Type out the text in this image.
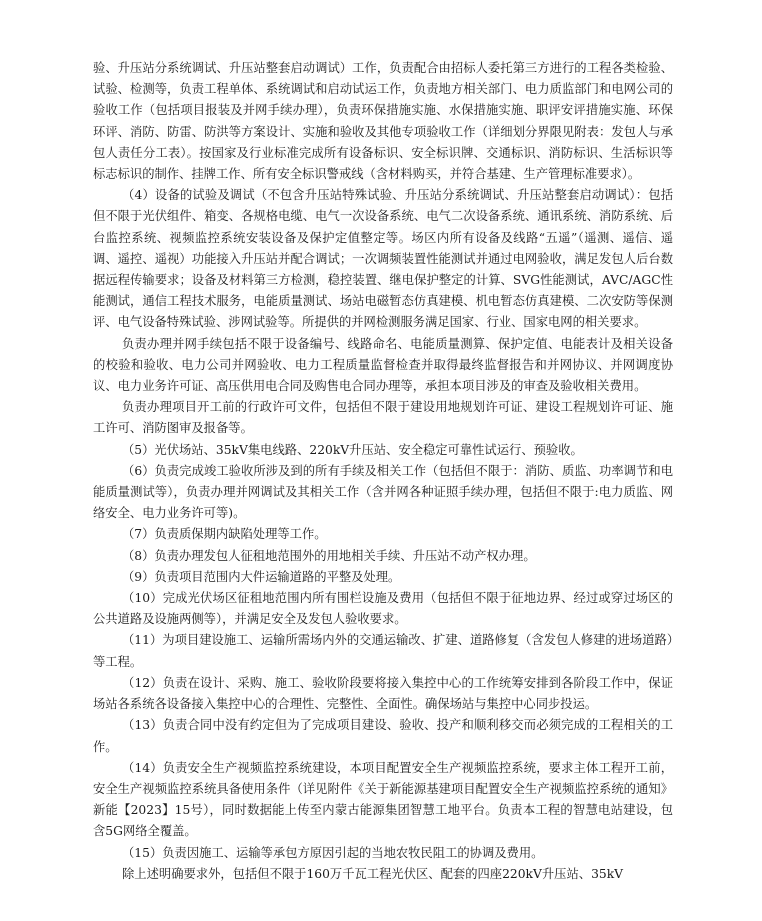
验、升压站分系统调试、升压站整套启动调试）工作，负责配合由招标人委托第三方进行的工程各类检验、试验、检测等，负责工程单体、系统调试和启动试运工作，负责地方相关部门、电力质监部门和电网公司的验收工作（包括项目报装及并网手续办理），负责环保措施实施、水保措施实施、职评安评措施实施、环保环评、消防、防雷、防洪等方案设计、实施和验收及其他专项验收工作（详细划分界限见附表：发包人与承包人责任分工表）。按国家及行业标准完成所有设备标识、安全标识牌、交通标识、消防标识、生活标识等标志标识的制作、挂牌工作、所有安全标识警戒线（含材料购买，并符合基建、生产管理标准要求）。

（4）设备的试验及调试（不包含升压站特殊试验、升压站分系统调试、升压站整套启动调试）：包括但不限于光伏组件、箱变、各规格电缆、电气一次设备系统、电气二次设备系统、通讯系统、消防系统、后台监控系统、视频监控系统安装设备及保护定值整定等。场区内所有设备及线路“五遥”（遥测、遥信、遥调、遥控、遥视）功能接入升压站并配合调试；一次调频装置性能测试并通过电网验收，满足发包人后台数据远程传输要求；设备及材料第三方检测，稳控装置、继电保护整定的计算、SVG性能测试，AVC/AGC性能测试，通信工程技术服务，电能质量测试、场站电磁暂态仿真建模、机电暂态仿真建模、二次安防等保测评、电气设备特殊试验、涉网试验等。所提供的并网检测服务满足国家、行业、国家电网的相关要求。

负责办理并网手续包括不限于设备编号、线路命名、电能质量测算、保护定值、电能表计及相关设备的校验和验收、电力公司并网验收、电力工程质量监督检查并取得最终监督报告和并网协议、并网调度协议、电力业务许可证、高压供用电合同及购售电合同办理等，承担本项目涉及的审查及验收相关费用。

负责办理项目开工前的行政许可文件，包括但不限于建设用地规划许可证、建设工程规划许可证、施工许可、消防图审及报备等。

（5）光伏场站、35kV集电线路、220kV升压站、安全稳定可靠性试运行、预验收。

（6）负责完成竣工验收所涉及到的所有手续及相关工作（包括但不限于：消防、质监、功率调节和电能质量测试等），负责办理并网调试及其相关工作（含并网各种证照手续办理，包括但不限于:电力质监、网络安全、电力业务许可等)。

（7）负责质保期内缺陷处理等工作。

（8）负责办理发包人征租地范围外的用地相关手续、升压站不动产权办理。

（9）负责项目范围内大件运输道路的平整及处理。

（10）完成光伏场区征租地范围内所有围栏设施及费用（包括但不限于征地边界、经过或穿过场区的公共道路及设施两侧等），并满足安全及发包人验收要求。

（11）为项目建设施工、运输所需场内外的交通运输改、扩建、道路修复（含发包人修建的进场道路）等工程。

（12）负责在设计、采购、施工、验收阶段要将接入集控中心的工作统筹安排到各阶段工作中，保证场站各系统各设备接入集控中心的合理性、完整性、全面性。确保场站与集控中心同步投运。

（13）负责合同中没有约定但为了完成项目建设、验收、投产和顺利移交而必须完成的工程相关的工作。

（14）负责安全生产视频监控系统建设，本项目配置安全生产视频监控系统，要求主体工程开工前，安全生产视频监控系统具备使用条件（详见附件《关于新能源基建项目配置安全生产视频监控系统的通知》新能【2023】15号），同时数据能上传至内蒙古能源集团智慧工地平台。负责本工程的智慧电站建设，包含5G网络全覆盖。

（15）负责因施工、运输等承包方原因引起的当地农牧民阻工的协调及费用。

除上述明确要求外，包括但不限于160万千瓦工程光伏区、配套的四座220kV升压站、35kV
